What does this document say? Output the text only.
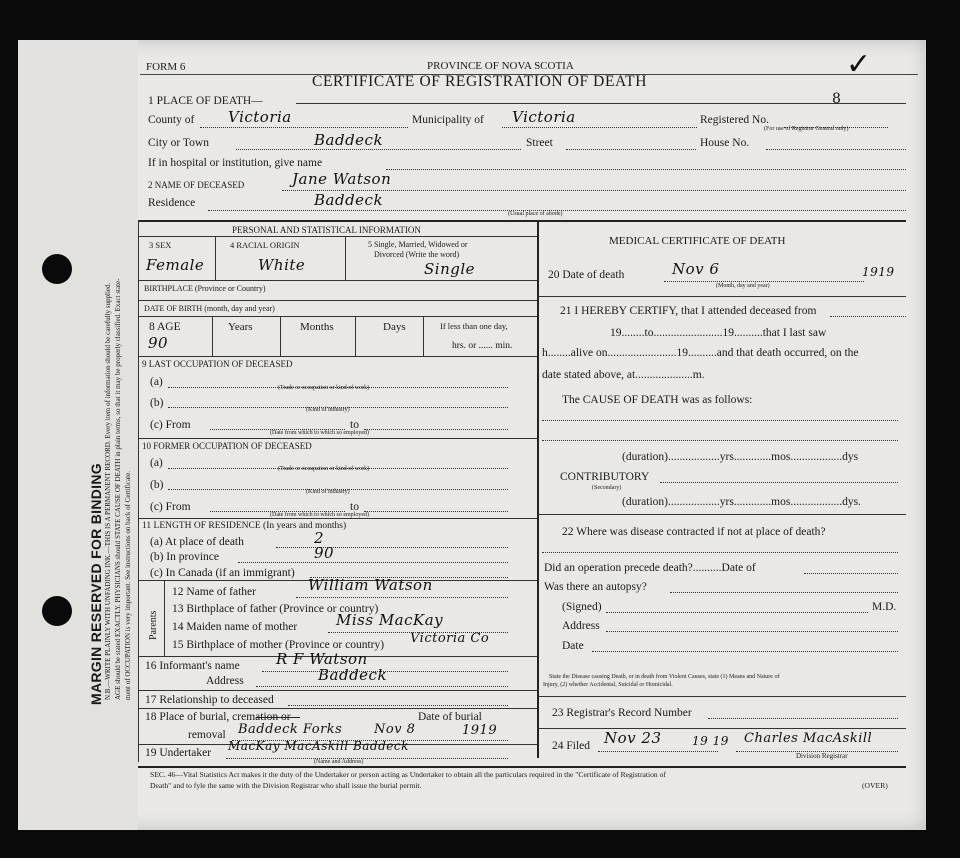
MARGIN RESERVED FOR BINDING N.B.—WRITE PLAINLY WITH UNFADING INK.—THIS IS A PERMANENT RECORD. Every item of information should be carefully supplied. AGE should be stated EXACTLY. PHYSICIANS should STATE CAUSE OF DEATH in plain terms, so that it may be properly classified. Exact state- ment of OCCUPATION is very important. See instructions on back of Certificate.
FORM 6	PROVINCE OF NOVA SCOTIA
CERTIFICATE OF REGISTRATION OF DEATH	✓
1 PLACE OF DEATH—
County of Victoria	Municipality of Victoria	Registered No.
8
(For use of Registrar General only)
City or Town	Baddeck	Street	House No.
If in hospital or institution, give name
2 NAME OF DECEASED	Jane Watson
Residence	Baddeck
(Usual place of abode)
PERSONAL AND STATISTICAL INFORMATION
3 SEX
Female
4 RACIAL ORIGIN
White
5 Single, Married, Widowed or
Divorced (Write the word)
Single
BIRTHPLACE (Province or Country)
DATE OF BIRTH (month, day and year)
8 AGE
90
Years	Months	Days	If less than one day,
hrs. or ...... min.
9 LAST OCCUPATION OF DECEASED
(a)	(Trade or occupation or kind of work)
(b)
(Kind of industry)
(c) From	to
(Date from which to which so employed)
10 FORMER OCCUPATION OF DECEASED
(a)	(Trade or occupation or kind of work)
(b)
(Kind of industry)
(c) From	to
(Date from which to which so employed)
11 LENGTH OF RESIDENCE (In years and months)
(a) At place of death	2
(b) In province	90
(c) In Canada (if an immigrant)
Parents
12 Name of father	William Watson
13 Birthplace of father (Province or country)
14 Maiden name of mother	Miss MacKay
15 Birthplace of mother (Province or country) Victoria Co
16 Informant's name R F Watson
Address	Baddeck
17 Relationship to deceased
18 Place of burial, cremation or	Date of burial
removal Baddeck Forks Nov 8	1919
19 Undertaker MacKay MacAskill Baddeck
(Name and Address)
MEDICAL CERTIFICATE OF DEATH
20 Date of death	Nov 6	1919
(Month, day and year)
21 I HEREBY CERTIFY, that I attended deceased from
19........to........................19..........that I last saw
h........alive on........................19..........and that death occurred, on the
date stated above, at....................m.
The CAUSE OF DEATH was as follows:
(duration)..................yrs.............mos..................dys
CONTRIBUTORY
(Secondary)
(duration)..................yrs.............mos..................dys.
22 Where was disease contracted if not at place of death?
Did an operation precede death?..........Date of
Was there an autopsy?
(Signed)	M.D.
Address
Date
State the Disease causing Death, or in death from Violent Causes, state (1) Means and Nature of
Injury, (2) whether Accidental, Suicidal or Homicidal.
23 Registrar's Record Number
24 Filed Nov 23	19 19 Charles MacAskill
Division Registrar
SEC. 46—Vital Statistics Act makes it the duty of the Undertaker or person acting as Undertaker to obtain all the particulars required in the "Certificate of Registration of
Death" and to fyle the same with the Division Registrar who shall issue the burial permit.	(OVER)
